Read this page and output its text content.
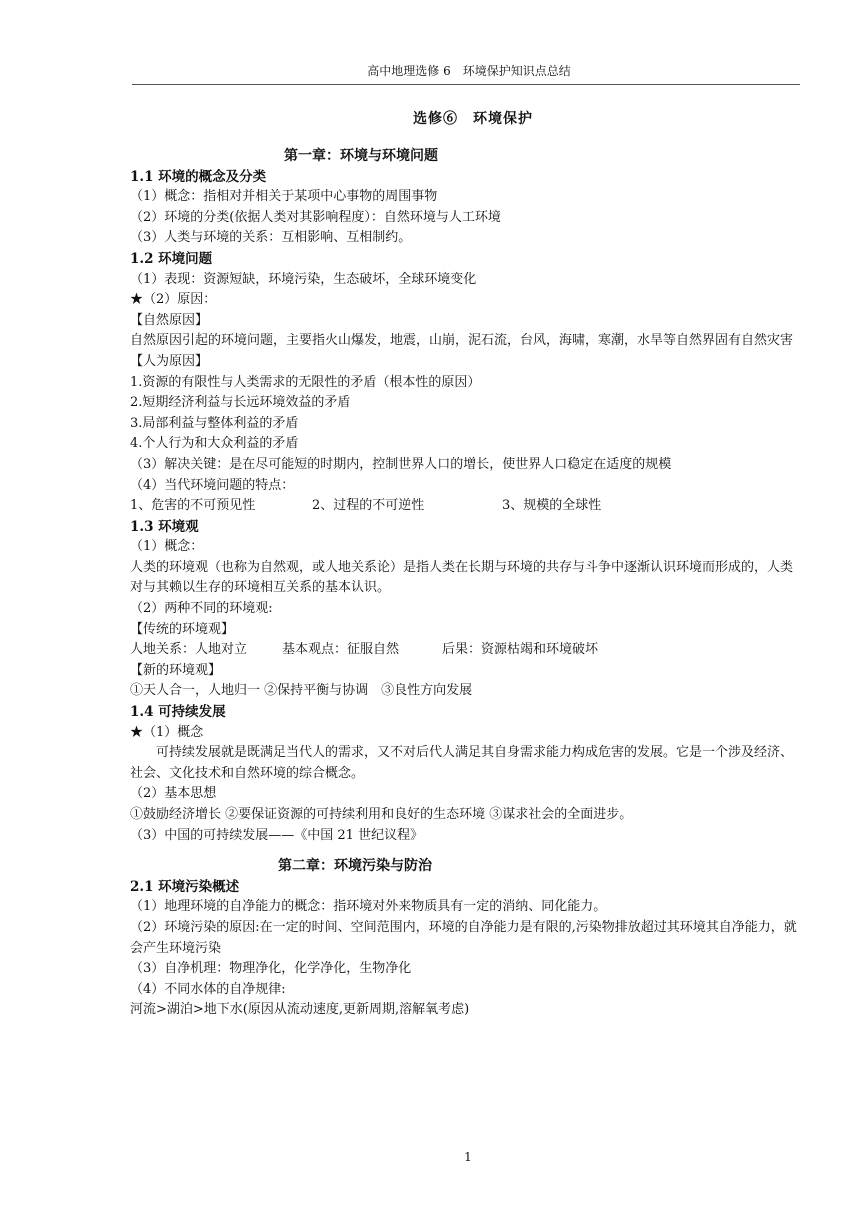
高中地理选修 6　环境保护知识点总结
选修⑥　环境保护
第一章：环境与环境问题
1.1 环境的概念及分类
（1）概念：指相对并相关于某项中心事物的周围事物
（2）环境的分类(依据人类对其影响程度）：自然环境与人工环境
（3）人类与环境的关系：互相影响、互相制约。
1.2 环境问题
（1）表现：资源短缺，环境污染，生态破坏，全球环境变化
★（2）原因：
【自然原因】
自然原因引起的环境问题，主要指火山爆发，地震，山崩，泥石流，台风，海啸，寒潮，水旱等自然界固有自然灾害
【人为原因】
1.资源的有限性与人类需求的无限性的矛盾（根本性的原因）
2.短期经济利益与长远环境效益的矛盾
3.局部利益与整体利益的矛盾
4.个人行为和大众利益的矛盾
（3）解决关键：是在尽可能短的时期内，控制世界人口的增长，使世界人口稳定在适度的规模
（4）当代环境问题的特点：
1、危害的不可预见性	2、过程的不可逆性	3、规模的全球性
1.3 环境观
（1）概念：
人类的环境观（也称为自然观，或人地关系论）是指人类在长期与环境的共存与斗争中逐渐认识环境而形成的，人类对与其赖以生存的环境相互关系的基本认识。
（2）两种不同的环境观:
【传统的环境观】
人地关系：人地对立	基本观点：征服自然	后果：资源枯竭和环境破坏
【新的环境观】
①天人合一，人地归一 ②保持平衡与协调　③良性方向发展
1.4 可持续发展
★（1）概念
可持续发展就是既满足当代人的需求，又不对后代人满足其自身需求能力构成危害的发展。它是一个涉及经济、社会、文化技术和自然环境的综合概念。
（2）基本思想
①鼓励经济增长 ②要保证资源的可持续利用和良好的生态环境 ③谋求社会的全面进步。
（3）中国的可持续发展——《中国 21 世纪议程》
第二章：环境污染与防治
2.1 环境污染概述
（1）地理环境的自净能力的概念：指环境对外来物质具有一定的消纳、同化能力。
（2）环境污染的原因:在一定的时间、空间范围内，环境的自净能力是有限的,污染物排放超过其环境其自净能力，就会产生环境污染
（3）自净机理：物理净化，化学净化，生物净化
（4）不同水体的自净规律:
河流>湖泊>地下水(原因从流动速度,更新周期,溶解氧考虑)
1
